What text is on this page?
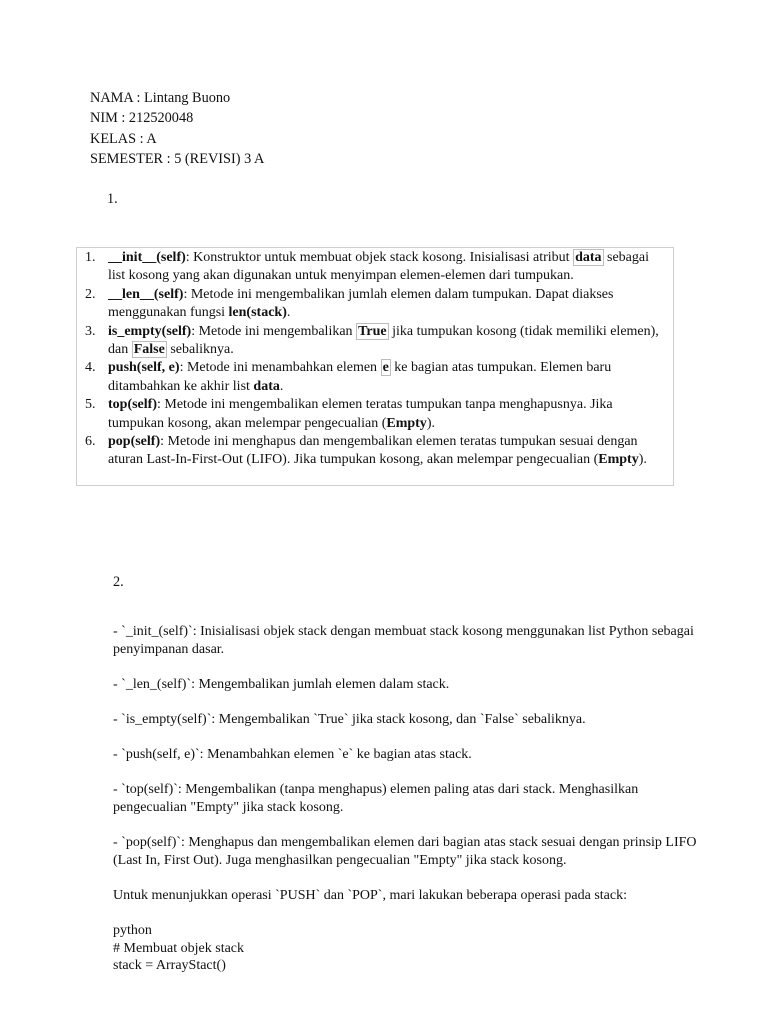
NAMA : Lintang Buono
NIM : 212520048
KELAS : A
SEMESTER : 5 (REVISI) 3 A
1.
1. __init__(self): Konstruktor untuk membuat objek stack kosong. Inisialisasi atribut data sebagai list kosong yang akan digunakan untuk menyimpan elemen-elemen dari tumpukan.
2. __len__(self): Metode ini mengembalikan jumlah elemen dalam tumpukan. Dapat diakses menggunakan fungsi len(stack).
3. is_empty(self): Metode ini mengembalikan True jika tumpukan kosong (tidak memiliki elemen), dan False sebaliknya.
4. push(self, e): Metode ini menambahkan elemen e ke bagian atas tumpukan. Elemen baru ditambahkan ke akhir list data.
5. top(self): Metode ini mengembalikan elemen teratas tumpukan tanpa menghapusnya. Jika tumpukan kosong, akan melempar pengecualian (Empty).
6. pop(self): Metode ini menghapus dan mengembalikan elemen teratas tumpukan sesuai dengan aturan Last-In-First-Out (LIFO). Jika tumpukan kosong, akan melempar pengecualian (Empty).
2.

- `_init_(self)`: Inisialisasi objek stack dengan membuat stack kosong menggunakan list Python sebagai penyimpanan dasar.

- `_len_(self)`: Mengembalikan jumlah elemen dalam stack.

- `is_empty(self)`: Mengembalikan `True` jika stack kosong, dan `False` sebaliknya.

- `push(self, e)`: Menambahkan elemen `e` ke bagian atas stack.

- `top(self)`: Mengembalikan (tanpa menghapus) elemen paling atas dari stack. Menghasilkan pengecualian "Empty" jika stack kosong.

- `pop(self)`: Menghapus dan mengembalikan elemen dari bagian atas stack sesuai dengan prinsip LIFO (Last In, First Out). Juga menghasilkan pengecualian "Empty" jika stack kosong.

Untuk menunjukkan operasi `PUSH` dan `POP`, mari lakukan beberapa operasi pada stack:

python
# Membuat objek stack
stack = ArrayStact()
